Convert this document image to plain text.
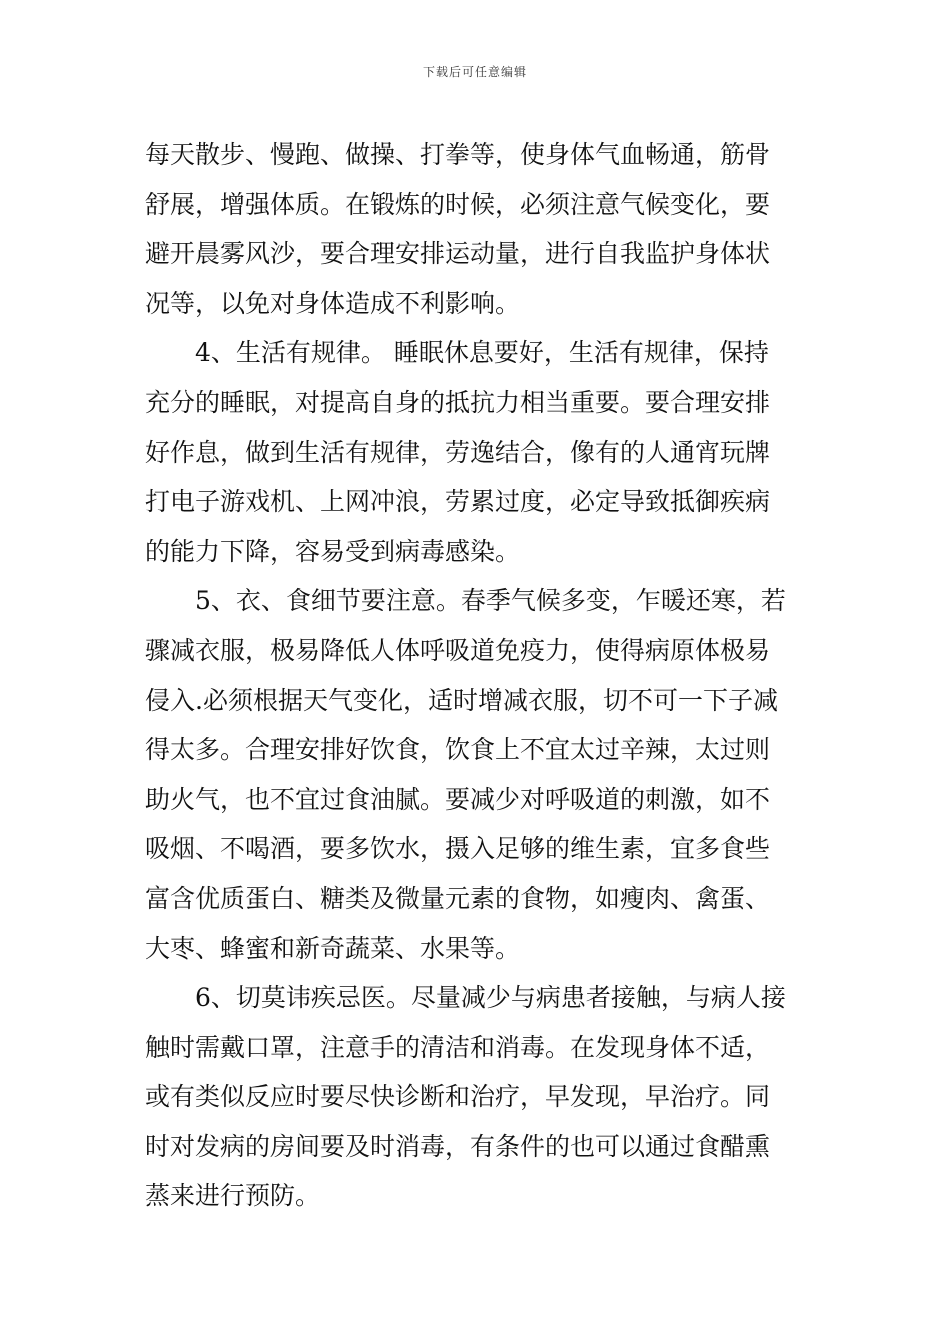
下载后可任意编辑
每天散步、慢跑、做操、打拳等，使身体气血畅通，筋骨
舒展，增强体质。在锻炼的时候，必须注意气候变化，要
避开晨雾风沙，要合理安排运动量，进行自我监护身体状
况等，以免对身体造成不利影响。
4、生活有规律。 睡眠休息要好，生活有规律，保持
充分的睡眠，对提高自身的抵抗力相当重要。要合理安排
好作息，做到生活有规律，劳逸结合，像有的人通宵玩牌
打电子游戏机、上网冲浪，劳累过度，必定导致抵御疾病
的能力下降，容易受到病毒感染。
5、衣、食细节要注意。春季气候多变，乍暖还寒，若
骤减衣服，极易降低人体呼吸道免疫力，使得病原体极易
侵入.必须根据天气变化，适时增减衣服，切不可一下子减
得太多。合理安排好饮食，饮食上不宜太过辛辣，太过则
助火气，也不宜过食油腻。要减少对呼吸道的刺激，如不
吸烟、不喝酒，要多饮水，摄入足够的维生素，宜多食些
富含优质蛋白、糖类及微量元素的食物，如瘦肉、禽蛋、
大枣、蜂蜜和新奇蔬菜、水果等。
6、切莫讳疾忌医。尽量减少与病患者接触，与病人接
触时需戴口罩，注意手的清洁和消毒。在发现身体不适，
或有类似反应时要尽快诊断和治疗，早发现，早治疗。同
时对发病的房间要及时消毒，有条件的也可以通过食醋熏
蒸来进行预防。
